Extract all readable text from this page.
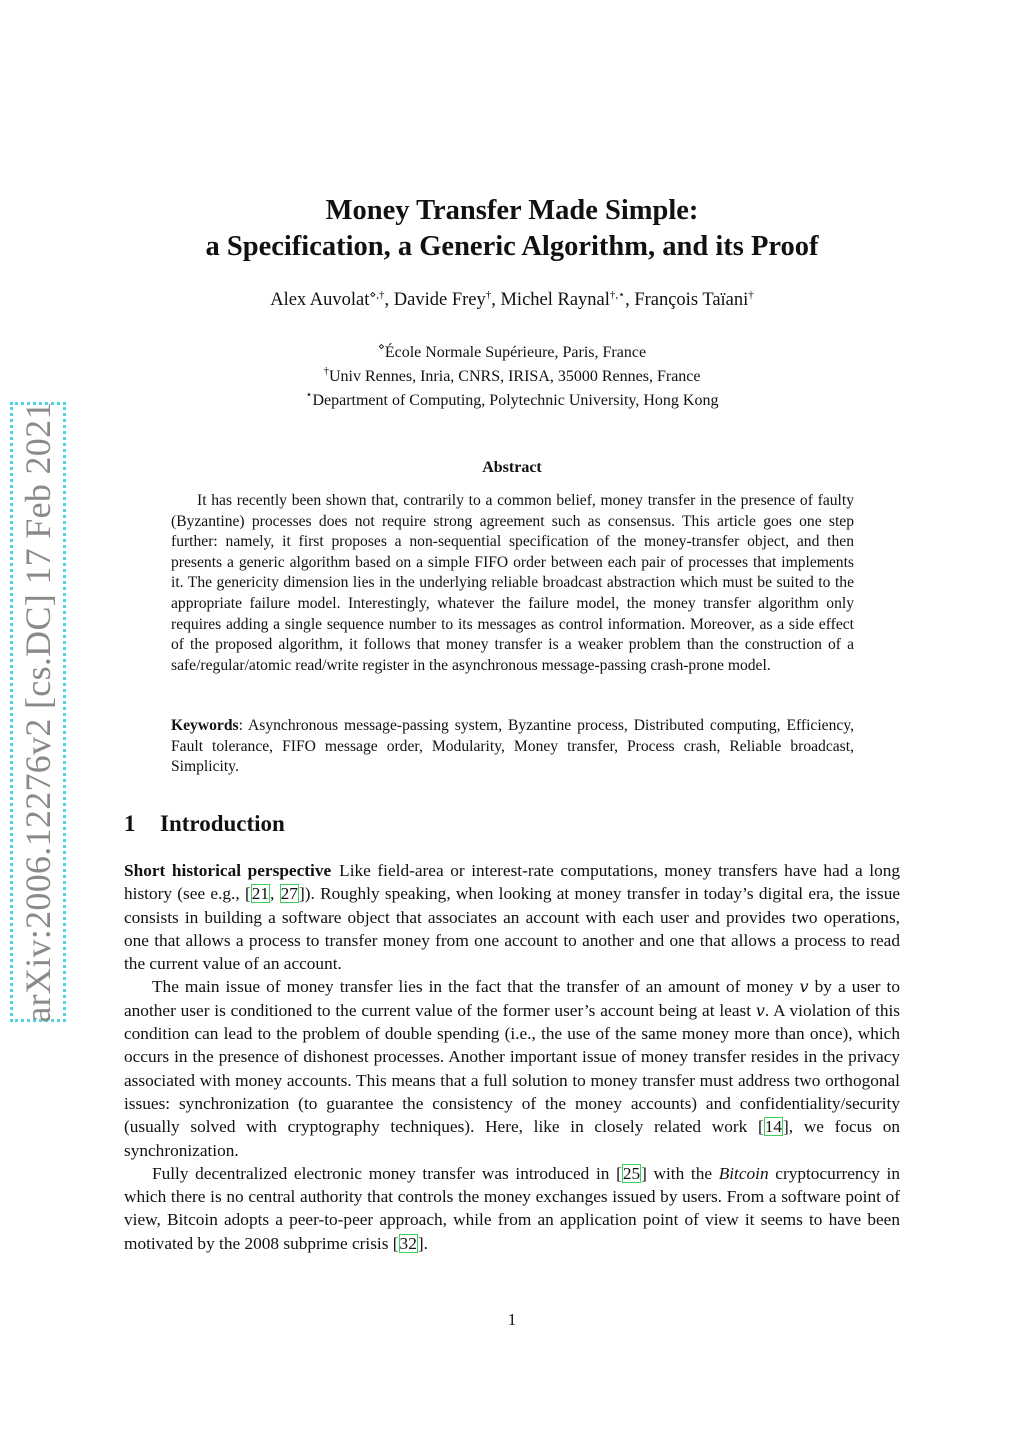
arXiv:2006.12276v2 [cs.DC] 17 Feb 2021
Money Transfer Made Simple:
a Specification, a Generic Algorithm, and its Proof
Alex Auvolat⋄,†, Davide Frey†, Michel Raynal†,⋆, François Taïani†
⋄École Normale Supérieure, Paris, France
†Univ Rennes, Inria, CNRS, IRISA, 35000 Rennes, France
⋆Department of Computing, Polytechnic University, Hong Kong
Abstract

It has recently been shown that, contrarily to a common belief, money transfer in the presence of faulty (Byzantine) processes does not require strong agreement such as consensus. This article goes one step further: namely, it first proposes a non-sequential specification of the money-transfer object, and then presents a generic algorithm based on a simple FIFO order between each pair of processes that implements it. The genericity dimension lies in the underlying reliable broadcast abstraction which must be suited to the appropriate failure model. Interestingly, whatever the failure model, the money transfer algorithm only requires adding a single sequence number to its messages as control information. Moreover, as a side effect of the proposed algorithm, it follows that money transfer is a weaker problem than the construction of a safe/regular/atomic read/write register in the asynchronous message-passing crash-prone model.

Keywords: Asynchronous message-passing system, Byzantine process, Distributed computing, Efficiency, Fault tolerance, FIFO message order, Modularity, Money transfer, Process crash, Reliable broadcast, Simplicity.

1 Introduction

Short historical perspective Like field-area or interest-rate computations, money transfers have had a long history (see e.g., [21, 27]). Roughly speaking, when looking at money transfer in today’s digital era, the issue consists in building a software object that associates an account with each user and provides two operations, one that allows a process to transfer money from one account to another and one that allows a process to read the current value of an account.

The main issue of money transfer lies in the fact that the transfer of an amount of money v by a user to another user is conditioned to the current value of the former user’s account being at least v. A violation of this condition can lead to the problem of double spending (i.e., the use of the same money more than once), which occurs in the presence of dishonest processes. Another important issue of money transfer resides in the privacy associated with money accounts. This means that a full solution to money transfer must address two orthogonal issues: synchronization (to guarantee the consistency of the money accounts) and confidentiality/security (usually solved with cryptography techniques). Here, like in closely related work [14], we focus on synchronization.

Fully decentralized electronic money transfer was introduced in [25] with the Bitcoin cryptocurrency in which there is no central authority that controls the money exchanges issued by users. From a software point of view, Bitcoin adopts a peer-to-peer approach, while from an application point of view it seems to have been motivated by the 2008 subprime crisis [32].

1
